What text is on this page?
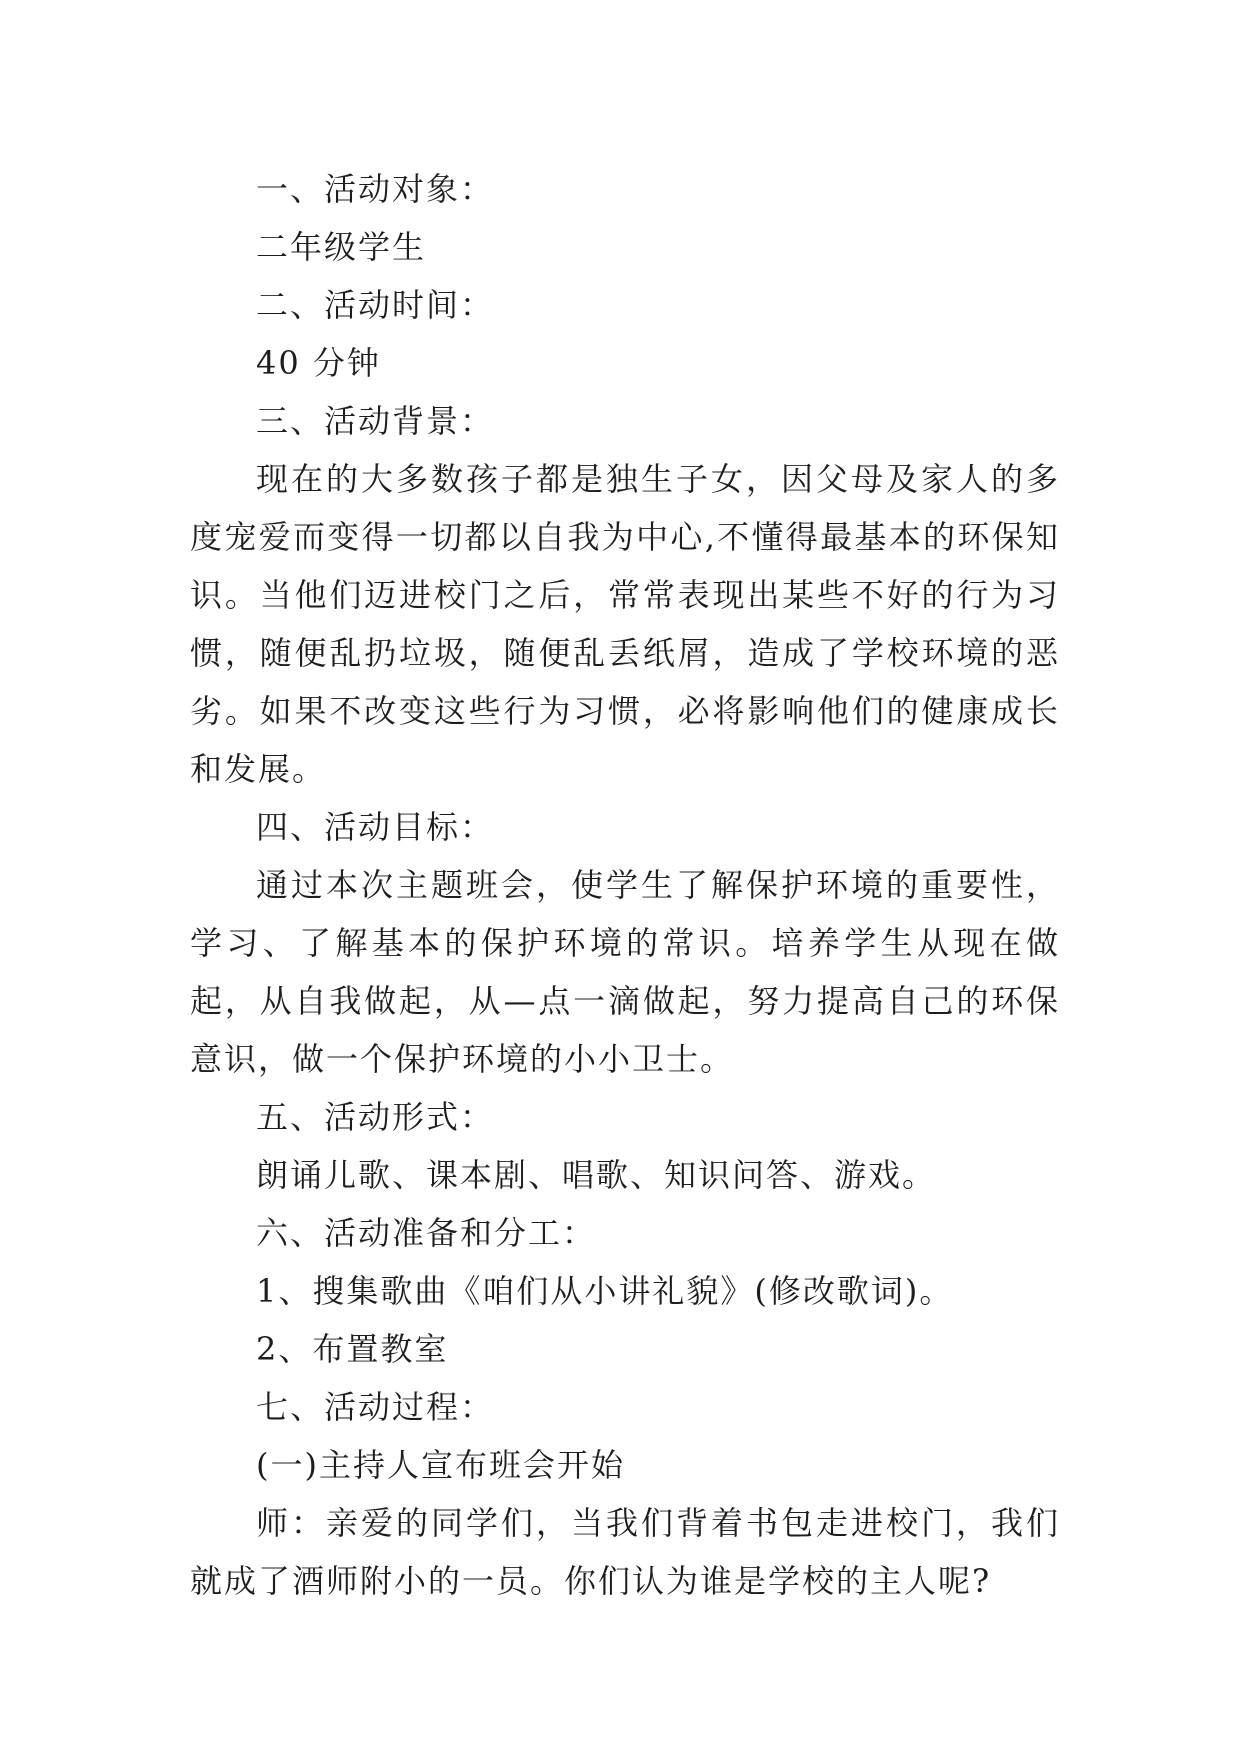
一、活动对象：
二年级学生
二、活动时间：
40 分钟
三、活动背景：
现在的大多数孩子都是独生子女，因父母及家人的多度宠爱而变得一切都以自我为中心,不懂得最基本的环保知识。当他们迈进校门之后，常常表现出某些不好的行为习惯，随便乱扔垃圾，随便乱丢纸屑，造成了学校环境的恶劣。如果不改变这些行为习惯，必将影响他们的健康成长和发展。
四、活动目标：
通过本次主题班会，使学生了解保护环境的重要性，学习、了解基本的保护环境的常识。培养学生从现在做起，从自我做起，从—点一滴做起，努力提高自己的环保意识，做一个保护环境的小小卫士。
五、活动形式：
朗诵儿歌、课本剧、唱歌、知识问答、游戏。
六、活动准备和分工：
1、搜集歌曲《咱们从小讲礼貌》(修改歌词)。
2、布置教室
七、活动过程：
(一)主持人宣布班会开始
师：亲爱的同学们，当我们背着书包走进校门，我们就成了酒师附小的一员。你们认为谁是学校的主人呢?
